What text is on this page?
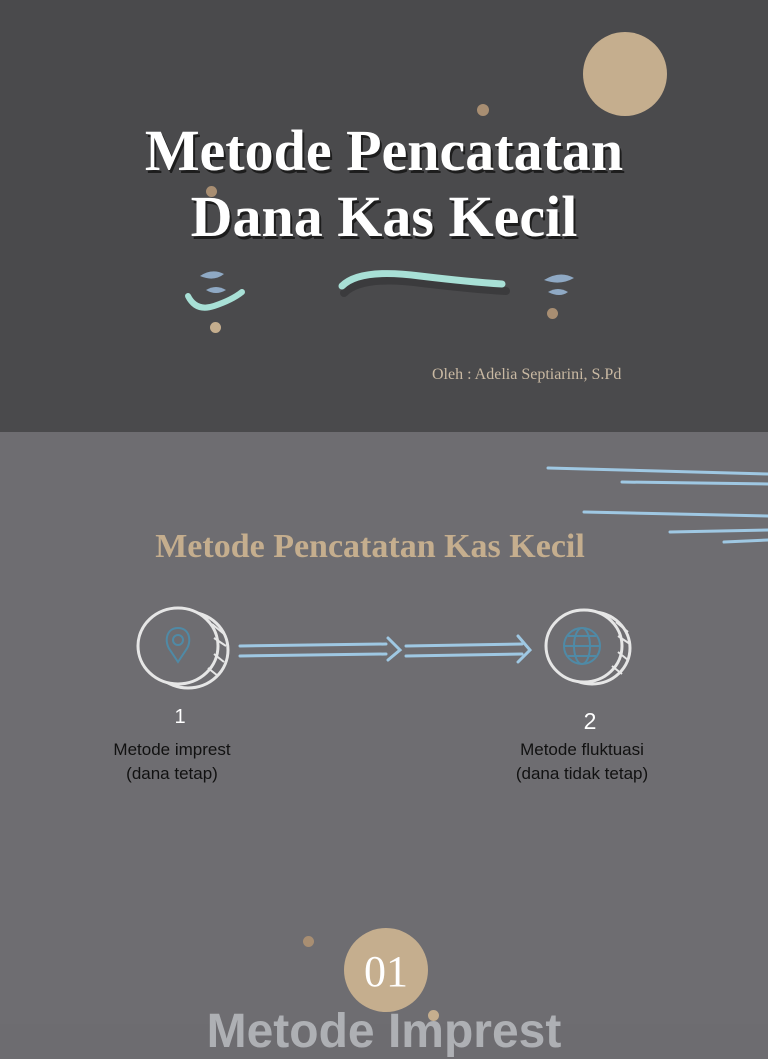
Metode Pencatatan
Dana Kas Kecil
Oleh : Adelia Septiarini, S.Pd
Metode Pencatatan Kas Kecil
1
Metode imprest
(dana tetap)
2
Metode fluktuasi
(dana tidak tetap)
01
Metode Imprest
